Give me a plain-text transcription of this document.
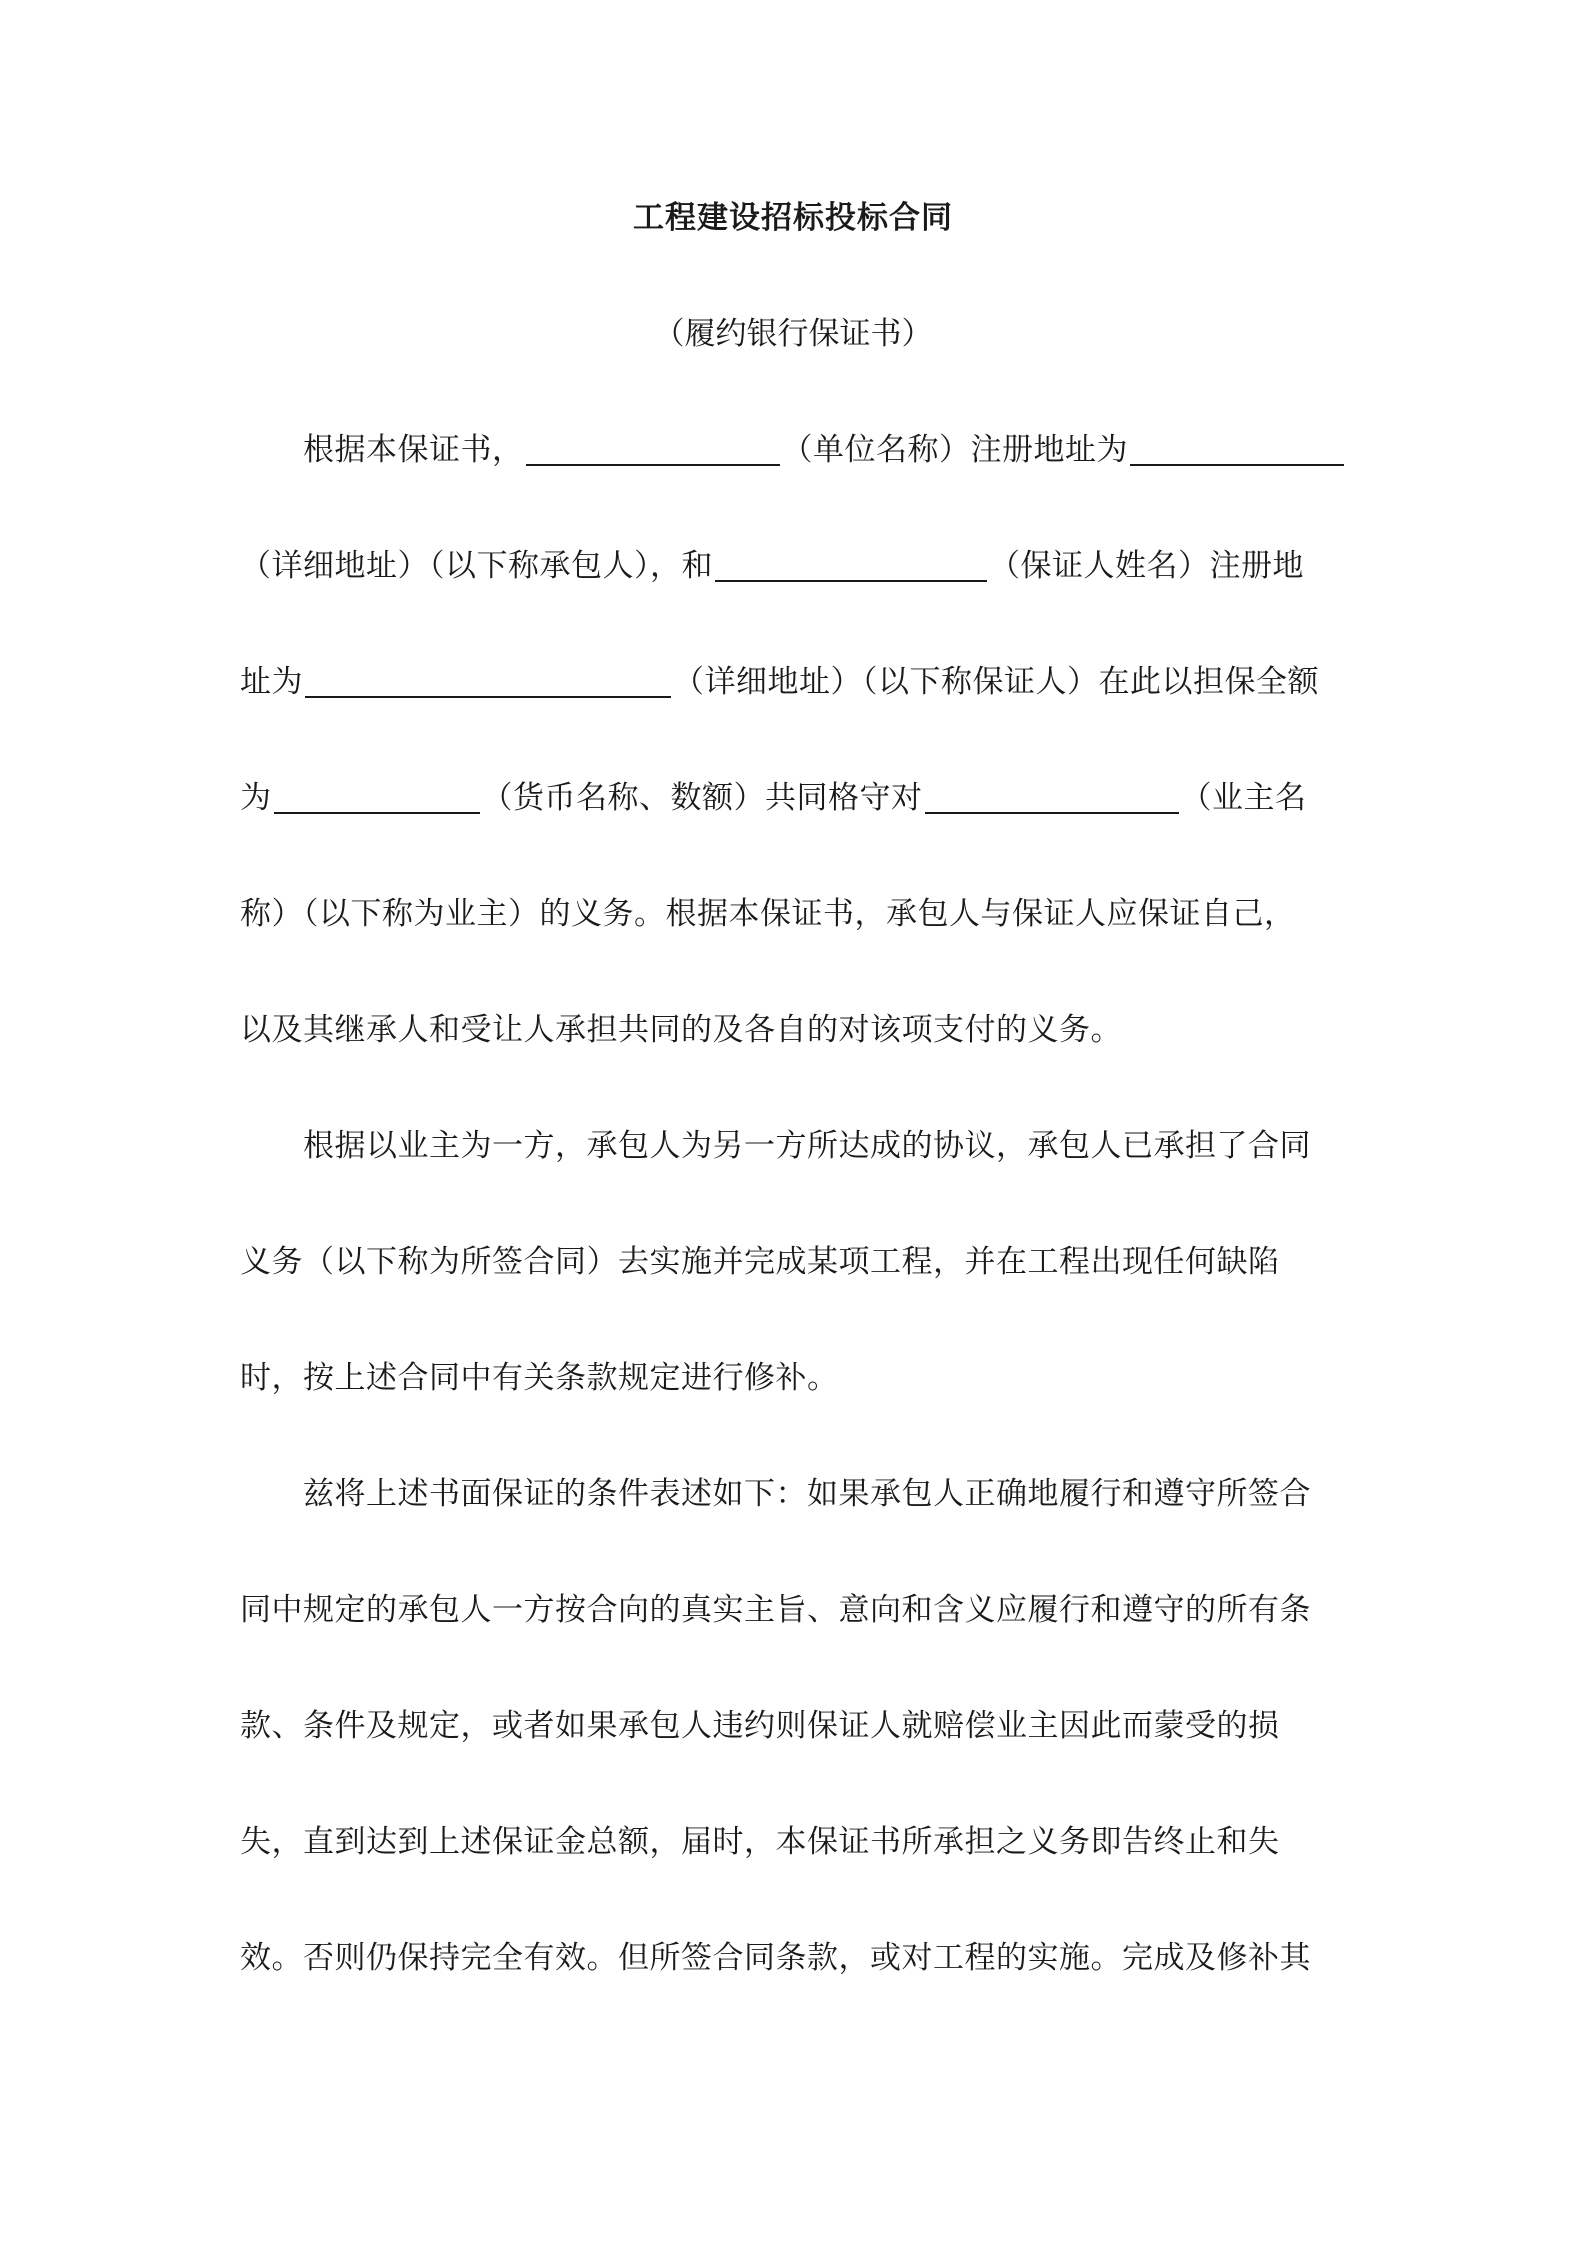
工程建设招标投标合同
（履约银行保证书）
根据本保证书，	（单位名称）注册地址为
（详细地址）（以下称承包人），和	（保证人姓名）注册地
址为	（详细地址）（以下称保证人）在此以担保全额
为	（货币名称、数额）共同格守对	（业主名
称）（以下称为业主）的义务。根据本保证书，承包人与保证人应保证自己，
以及其继承人和受让人承担共同的及各自的对该项支付的义务。
根据以业主为一方，承包人为另一方所达成的协议，承包人已承担了合同
义务（以下称为所签合同）去实施并完成某项工程，并在工程出现任何缺陷
时，按上述合同中有关条款规定进行修补。
兹将上述书面保证的条件表述如下：如果承包人正确地履行和遵守所签合
同中规定的承包人一方按合向的真实主旨、意向和含义应履行和遵守的所有条
款、条件及规定，或者如果承包人违约则保证人就赔偿业主因此而蒙受的损
失，直到达到上述保证金总额，届时，本保证书所承担之义务即告终止和失
效。否则仍保持完全有效。但所签合同条款，或对工程的实施。完成及修补其
